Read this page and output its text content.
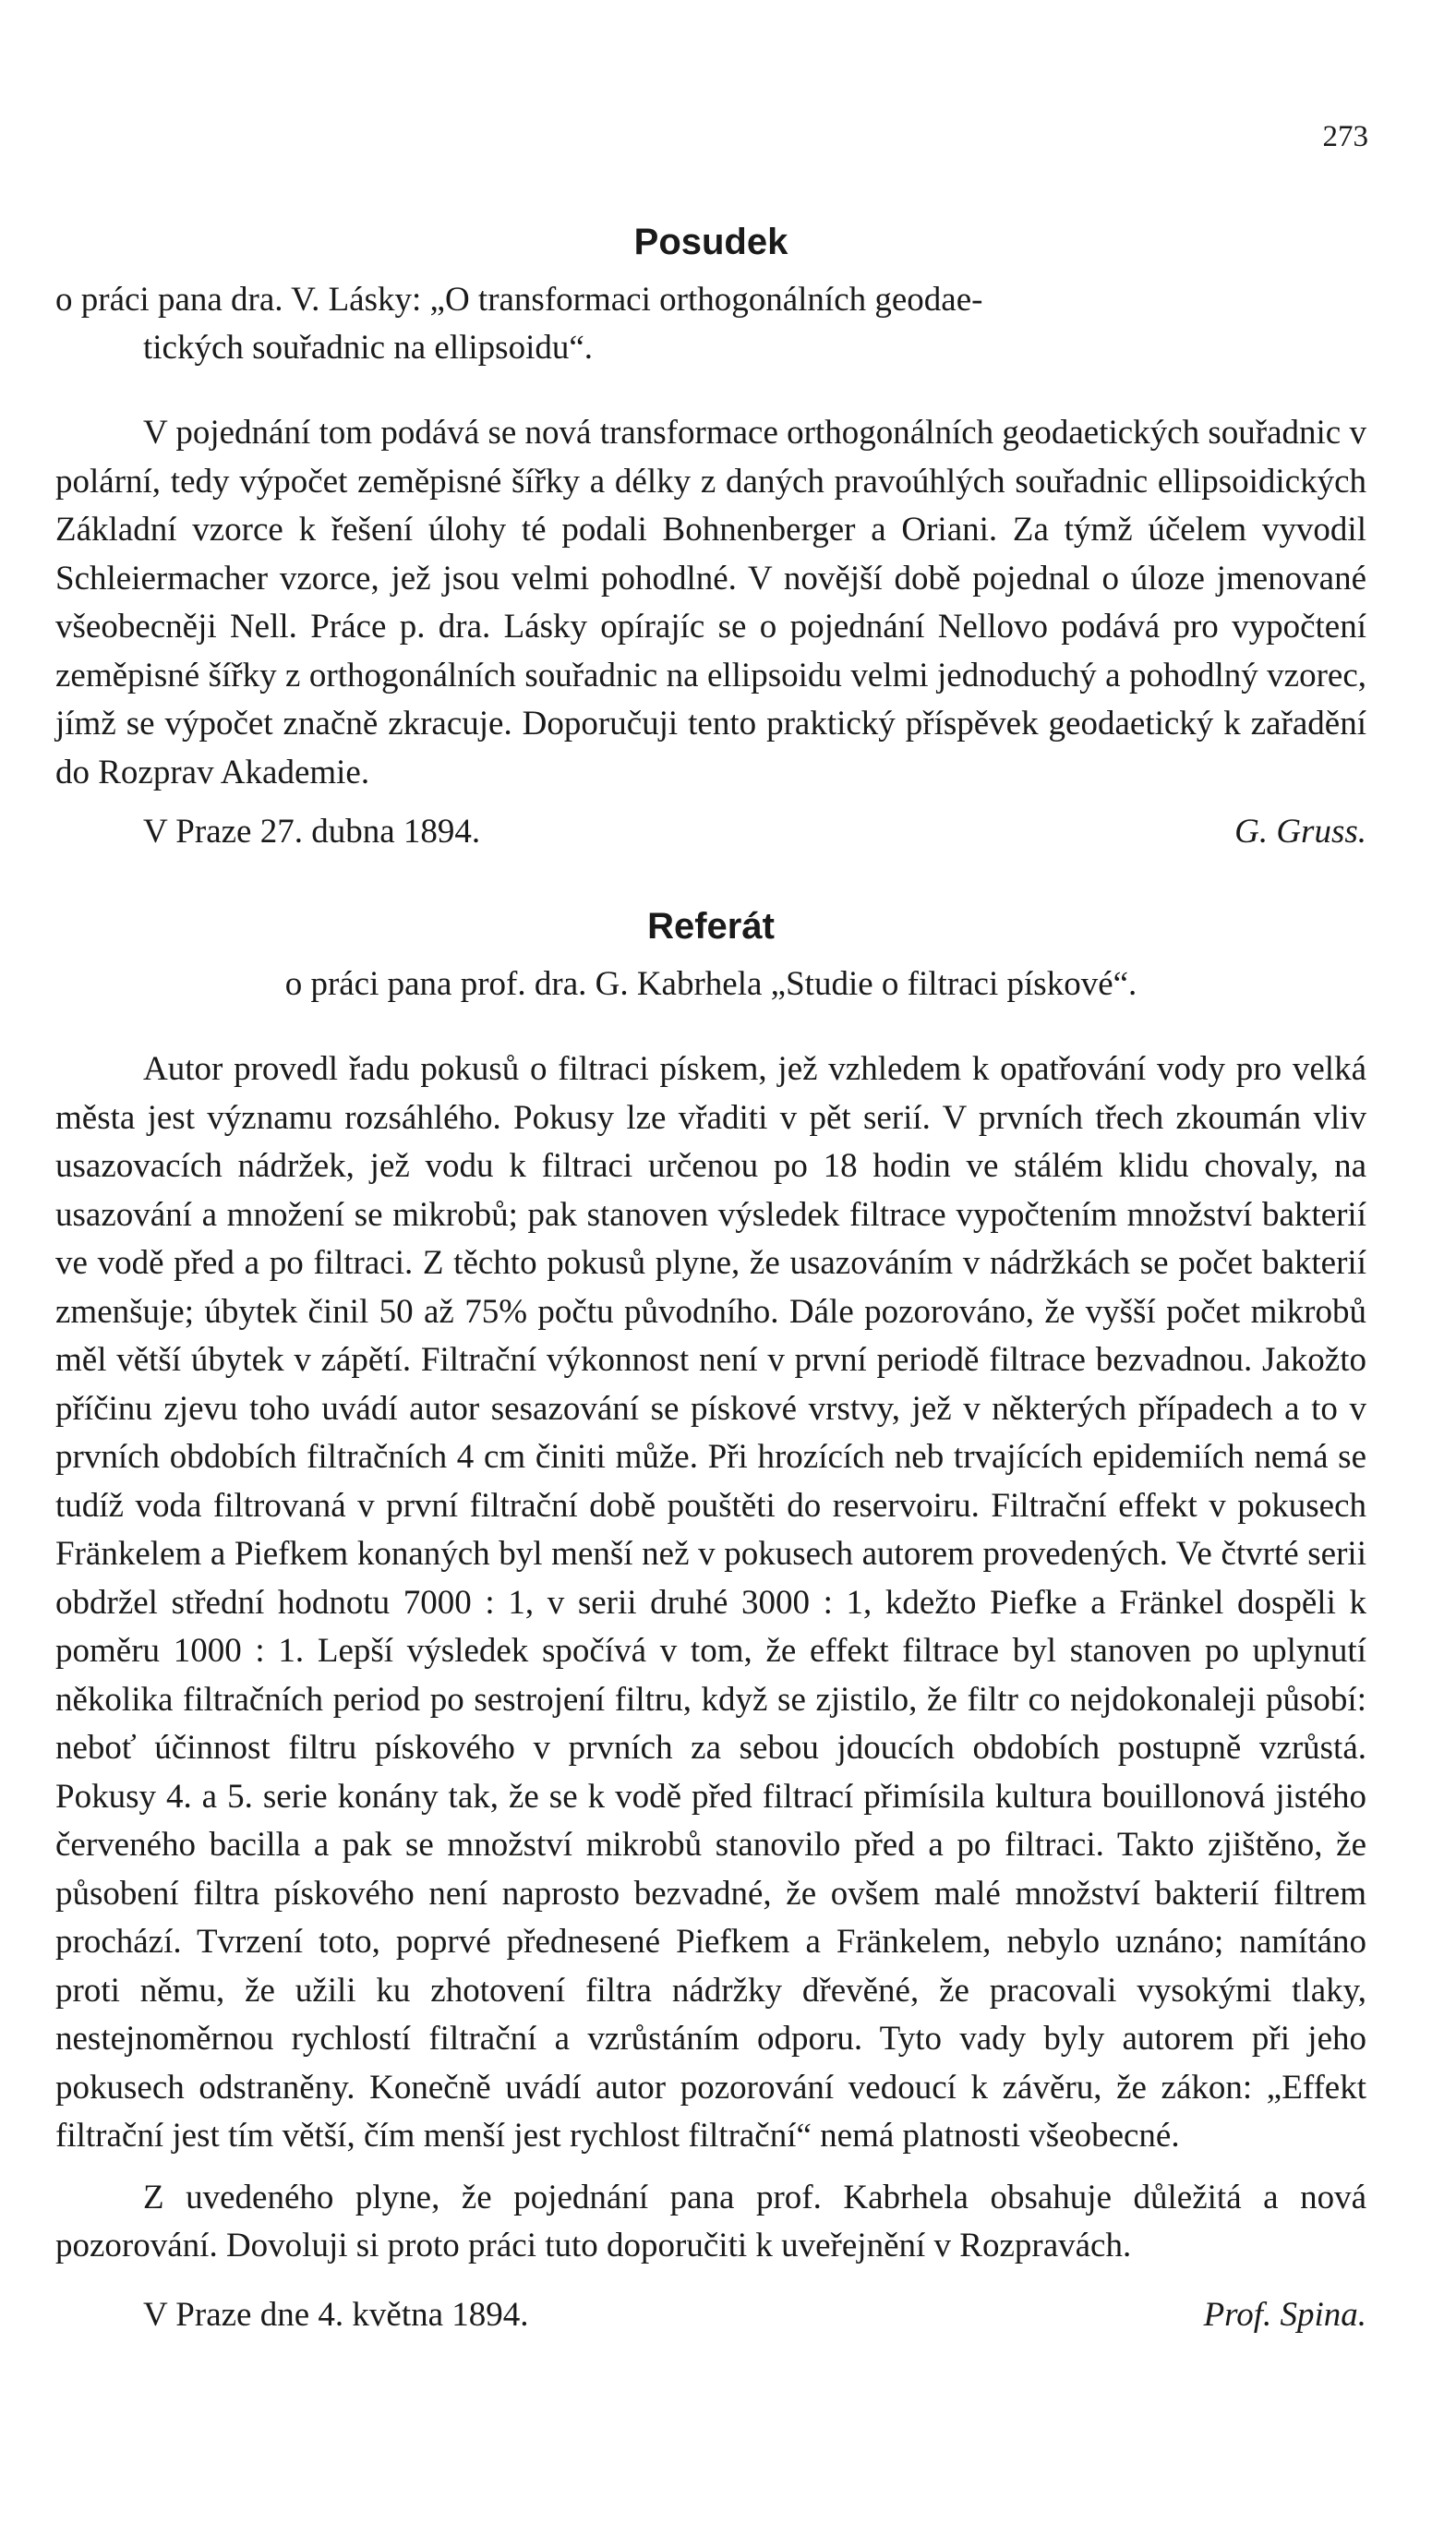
273
Posudek

o práci pana dra. V. Lásky: „O transformaci orthogonálních geodae-
tických souřadnic na ellipsoidu“.

V pojednání tom podává se nová transformace orthogonálních geodaetických souřadnic v polární, tedy výpočet zeměpisné šířky a délky z daných pravoúhlých souřadnic ellipsoidických Základní vzorce k řešení úlohy té podali Bohnenberger a Oriani. Za týmž účelem vyvodil Schleiermacher vzorce, jež jsou velmi pohodlné. V novější době pojednal o úloze jmenované všeobecněji Nell. Práce p. dra. Lásky opírajíc se o pojednání Nellovo podává pro vypočtení zeměpisné šířky z orthogonálních souřadnic na ellipsoidu velmi jednoduchý a pohodlný vzorec, jímž se výpočet značně zkracuje. Doporučuji tento praktický příspěvek geodaetický k zařadění do Rozprav Akademie.

V Praze 27. dubna 1894.	G. Gruss.
Referát

o práci pana prof. dra. G. Kabrhela „Studie o filtraci pískové“.

Autor provedl řadu pokusů o filtraci pískem, jež vzhledem k opatřování vody pro velká města jest významu rozsáhlého. Pokusy lze vřaditi v pět serií. V prvních třech zkoumán vliv usazovacích nádržek, jež vodu k filtraci určenou po 18 hodin ve stálém klidu chovaly, na usazování a množení se mikrobů; pak stanoven výsledek filtrace vypočtením množství bakterií ve vodě před a po filtraci. Z těchto pokusů plyne, že usazováním v nádržkách se počet bakterií zmenšuje; úbytek činil 50 až 75% počtu původního. Dále pozorováno, že vyšší počet mikrobů měl větší úbytek v zápětí. Filtrační výkonnost není v první periodě filtrace bezvadnou. Jakožto příčinu zjevu toho uvádí autor sesazování se pískové vrstvy, jež v některých případech a to v prvních obdobích filtračních 4 cm činiti může. Při hrozících neb trvajících epidemiích nemá se tudíž voda filtrovaná v první filtrační době pouštěti do reservoiru. Filtrační effekt v pokusech Fränkelem a Piefkem konaných byl menší než v pokusech autorem provedených. Ve čtvrté serii obdržel střední hodnotu 7000 : 1, v serii druhé 3000 : 1, kdežto Piefke a Fränkel dospěli k poměru 1000 : 1. Lepší výsledek spočívá v tom, že effekt filtrace byl stanoven po uplynutí několika filtračních period po sestrojení filtru, když se zjistilo, že filtr co nejdokonaleji působí: neboť účinnost filtru pískového v prvních za sebou jdoucích obdobích postupně vzrůstá. Pokusy 4. a 5. serie konány tak, že se k vodě před filtrací přimísila kultura bouillonová jistého červeného bacilla a pak se množství mikrobů stanovilo před a po filtraci. Takto zjištěno, že působení filtra pískového není naprosto bezvadné, že ovšem malé množství bakterií filtrem prochází. Tvrzení toto, poprvé přednesené Piefkem a Fränkelem, nebylo uznáno; namítáno proti němu, že užili ku zhotovení filtra nádržky dřevěné, že pracovali vysokými tlaky, nestejnoměrnou rychlostí filtrační a vzrůstáním odporu. Tyto vady byly autorem při jeho pokusech odstraněny. Konečně uvádí autor pozorování vedoucí k závěru, že zákon: „Effekt filtrační jest tím větší, čím menší jest rychlost filtrační“ nemá platnosti všeobecné.

Z uvedeného plyne, že pojednání pana prof. Kabrhela obsahuje důležitá a nová pozorování. Dovoluji si proto práci tuto doporučiti k uveřejnění v Rozpravách.

V Praze dne 4. května 1894.	Prof. Spina.
